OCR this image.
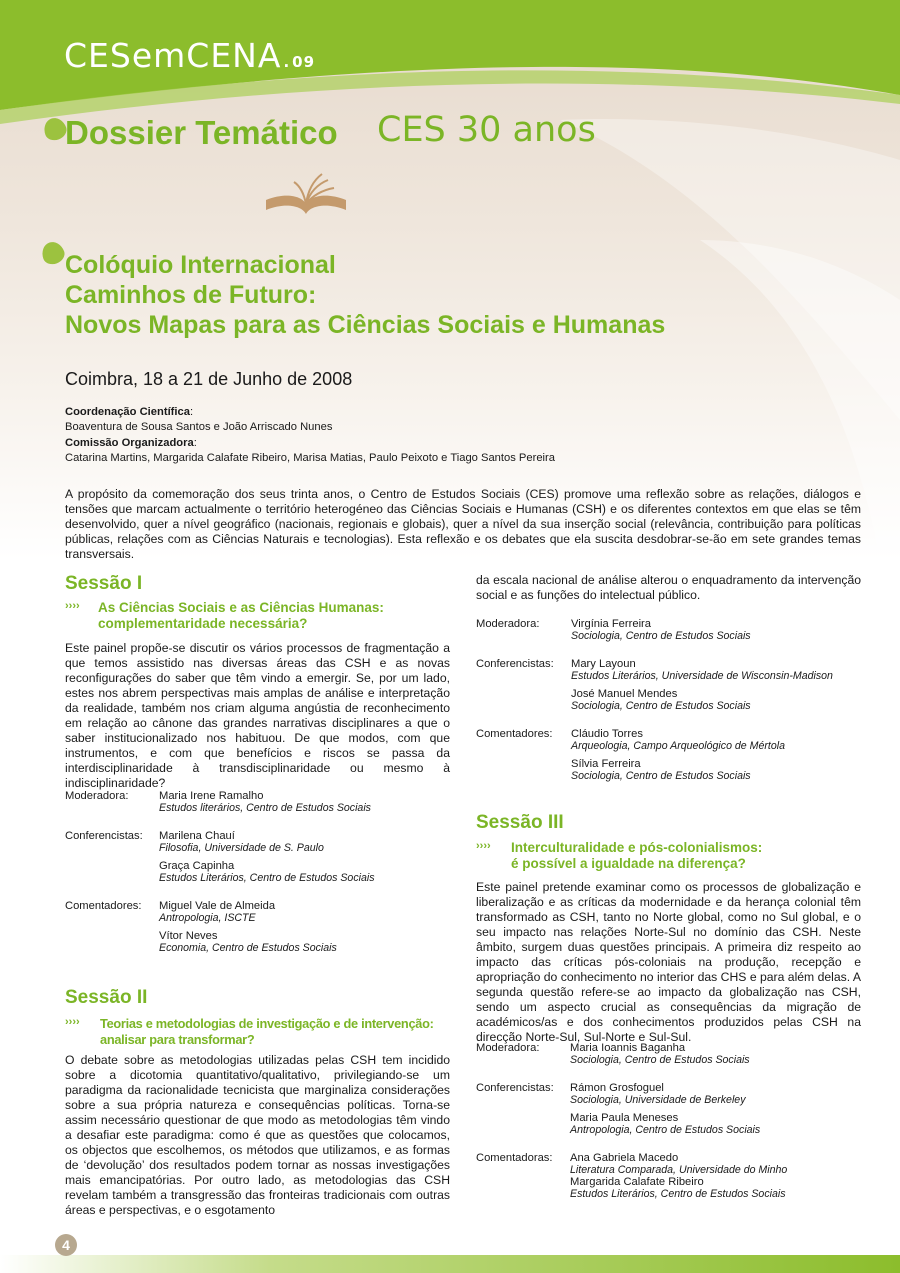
CESemCENA . 09
Dossier Temático CES 30 anos
Colóquio Internacional
Caminhos de Futuro:
Novos Mapas para as Ciências Sociais e Humanas
Coimbra, 18 a 21 de Junho de 2008
Coordenação Científica:
Boaventura de Sousa Santos e João Arriscado Nunes
Comissão Organizadora:
Catarina Martins, Margarida Calafate Ribeiro, Marisa Matias, Paulo Peixoto e Tiago Santos Pereira
A propósito da comemoração dos seus trinta anos, o Centro de Estudos Sociais (CES) promove uma reflexão sobre as relações, diálogos e tensões que marcam actualmente o território heterogéneo das Ciências Sociais e Humanas (CSH) e os diferentes contextos em que elas se têm desenvolvido, quer a nível geográfico (nacionais, regionais e globais), quer a nível da sua inserção social (relevância, contribuição para políticas públicas, relações com as Ciências Naturais e tecnologias). Esta reflexão e os debates que ela suscita desdobrar-se-ão em sete grandes temas transversais.
Sessão I
›››› As Ciências Sociais e as Ciências Humanas:
complementaridade necessária?
Este painel propõe-se discutir os vários processos de fragmentação a que temos assistido nas diversas áreas das CSH e as novas reconfigurações do saber que têm vindo a emergir. Se, por um lado, estes nos abrem perspectivas mais amplas de análise e interpretação da realidade, também nos criam alguma angústia de reconhecimento em relação ao cânone das grandes narrativas disciplinares a que o saber institucionalizado nos habituou. De que modos, com que instrumentos, e com que benefícios e riscos se passa da interdisciplinaridade à transdisciplinaridade ou mesmo à indisciplinaridade?
Moderadora:	Maria Irene Ramalho
Estudos literários, Centro de Estudos Sociais
Conferencistas: Marilena Chauí
Filosofia, Universidade de S. Paulo
Graça Capinha
Estudos Literários, Centro de Estudos Sociais
Comentadores: Miguel Vale de Almeida
Antropologia, ISCTE
Vítor Neves
Economia, Centro de Estudos Sociais
Sessão II
›››› Teorias e metodologias de investigação e de intervenção:
analisar para transformar?
O debate sobre as metodologias utilizadas pelas CSH tem incidido sobre a dicotomia quantitativo/qualitativo, privilegiando-se um paradigma da racionalidade tecnicista que marginaliza considerações sobre a sua própria natureza e consequências políticas. Torna-se assim necessário questionar de que modo as metodologias têm vindo a desafiar este paradigma: como é que as questões que colocamos, os objectos que escolhemos, os métodos que utilizamos, e as formas de ‘devolução’ dos resultados podem tornar as nossas investigações mais emancipatórias. Por outro lado, as metodologias das CSH revelam também a transgressão das fronteiras tradicionais com outras áreas e perspectivas, e o esgotamento
da escala nacional de análise alterou o enquadramento da intervenção social e as funções do intelectual público.
Moderadora:	Virgínia Ferreira
Sociologia, Centro de Estudos Sociais
Conferencistas: Mary Layoun
Estudos Literários, Universidade de Wisconsin-Madison
José Manuel Mendes
Sociologia, Centro de Estudos Sociais
Comentadores: Cláudio Torres
Arqueologia, Campo Arqueológico de Mértola
Sílvia Ferreira
Sociologia, Centro de Estudos Sociais
Sessão III
›››› Interculturalidade e pós-colonialismos:
é possível a igualdade na diferença?
Este painel pretende examinar como os processos de globalização e liberalização e as críticas da modernidade e da herança colonial têm transformado as CSH, tanto no Norte global, como no Sul global, e o seu impacto nas relações Norte-Sul no domínio das CSH. Neste âmbito, surgem duas questões principais. A primeira diz respeito ao impacto das críticas pós-coloniais na produção, recepção e apropriação do conhecimento no interior das CHS e para além delas. A segunda questão refere-se ao impacto da globalização nas CSH, sendo um aspecto crucial as consequências da migração de académicos/as e dos conhecimentos produzidos pelas CSH na direcção Norte-Sul, Sul-Norte e Sul-Sul.
Moderadora:	Maria Ioannis Baganha
Sociologia, Centro de Estudos Sociais
Conferencistas: Rámon Grosfoguel
Sociologia, Universidade de Berkeley
Maria Paula Meneses
Antropologia, Centro de Estudos Sociais
Comentadoras: Ana Gabriela Macedo
Literatura Comparada, Universidade do Minho
Margarida Calafate Ribeiro
Estudos Literários, Centro de Estudos Sociais
4
